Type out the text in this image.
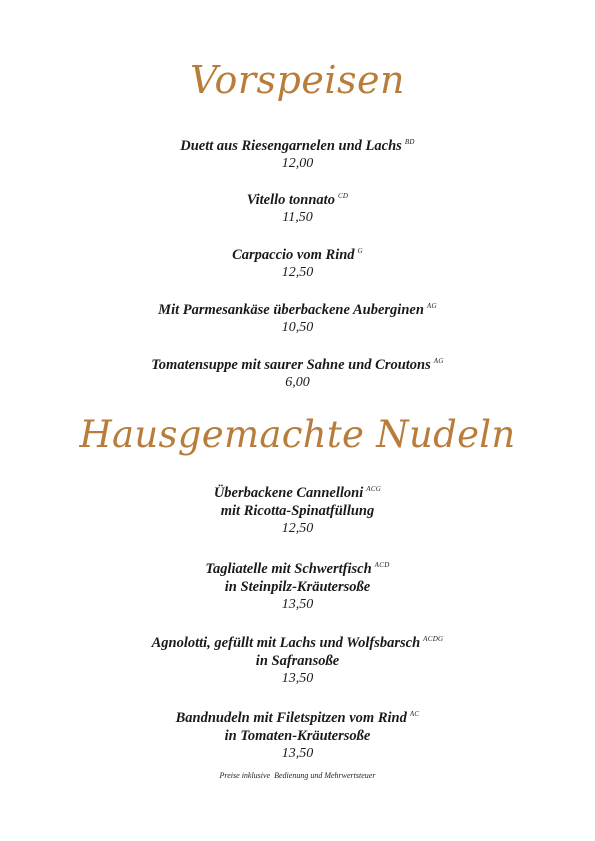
Vorspeisen
Duett aus Riesengarnelen und Lachs $^{BD}$
12,00
Vitello tonnato $^{CD}$
11,50
Carpaccio vom Rind $^G$
12,50
Mit Parmesankäse überbackene Auberginen $^{AG}$
10,50
Tomatensuppe mit saurer Sahne und Croutons $^{AG}$
6,00
Hausgemachte Nudeln
Überbackene Cannelloni $^{ACG}$
mit Ricotta-Spinatfüllung
12,50
Tagliatelle mit Schwertfisch $^{ACD}$
in Steinpilz-Kräutersoße
13,50
Agnolotti, gefüllt mit Lachs und Wolfsbarsch $^{ACDG}$
in Safransoße
13,50
Bandnudeln mit Filetspitzen vom Rind $^{AC}$
in Tomaten-Kräutersoße
13,50
Preise inklusive  Bedienung und Mehrwertsteuer
